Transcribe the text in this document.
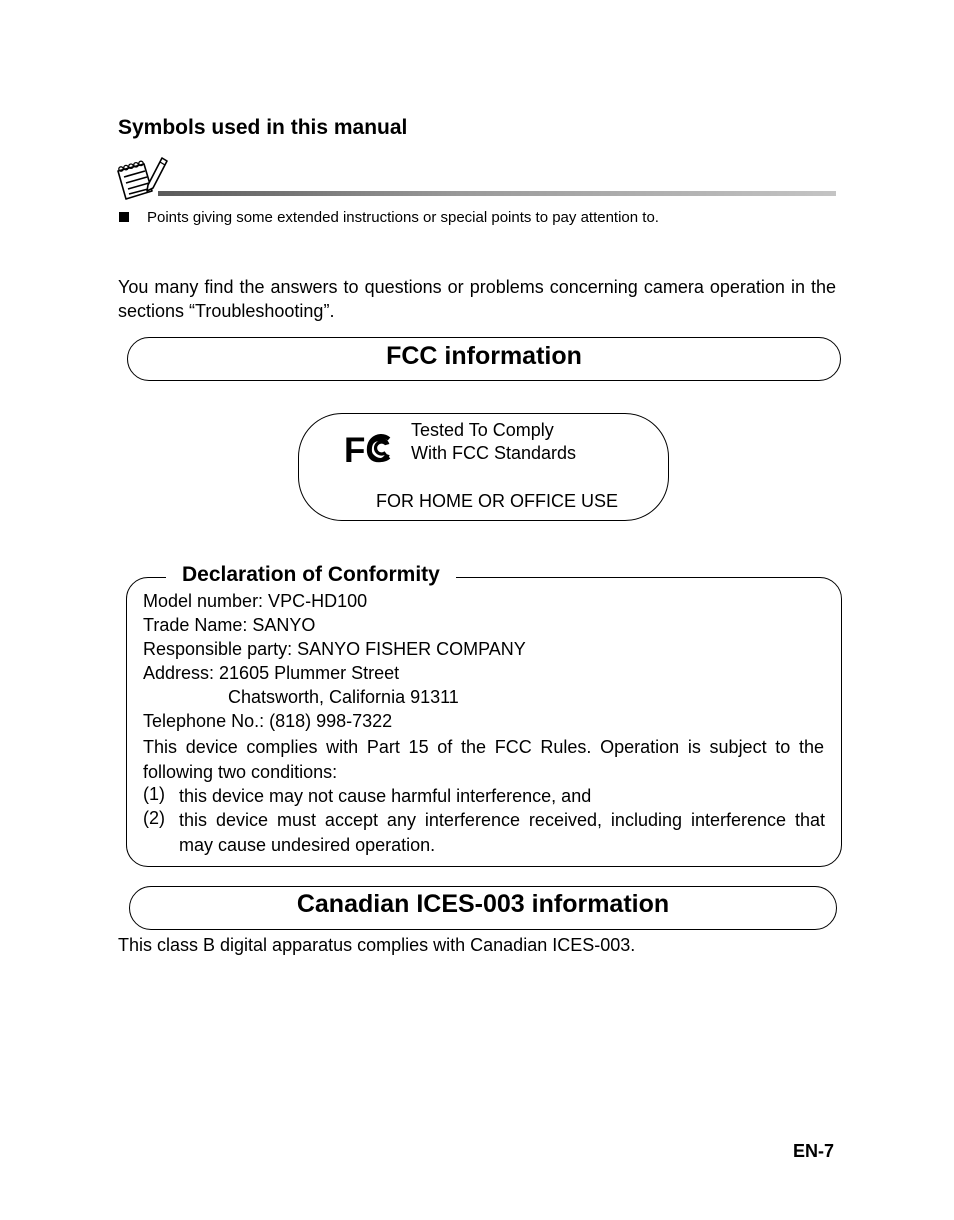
Symbols used in this manual
Points giving some extended instructions or special points to pay attention to.
You many find the answers to questions or problems concerning camera operation in the sections “Troubleshooting”.
FCC information
FC
Tested To Comply
With FCC Standards
FOR HOME OR OFFICE USE
Declaration of Conformity
Model number: VPC-HD100
Trade Name: SANYO
Responsible party: SANYO FISHER COMPANY
Address: 21605 Plummer Street
Chatsworth, California 91311
Telephone No.: (818) 998-7322
This device complies with Part 15 of the FCC Rules. Operation is subject to the following two conditions:
(1) this device may not cause harmful interference, and
(2) this device must accept any interference received, including interference that may cause undesired operation.
Canadian ICES-003 information
This class B digital apparatus complies with Canadian ICES-003.
EN-7
